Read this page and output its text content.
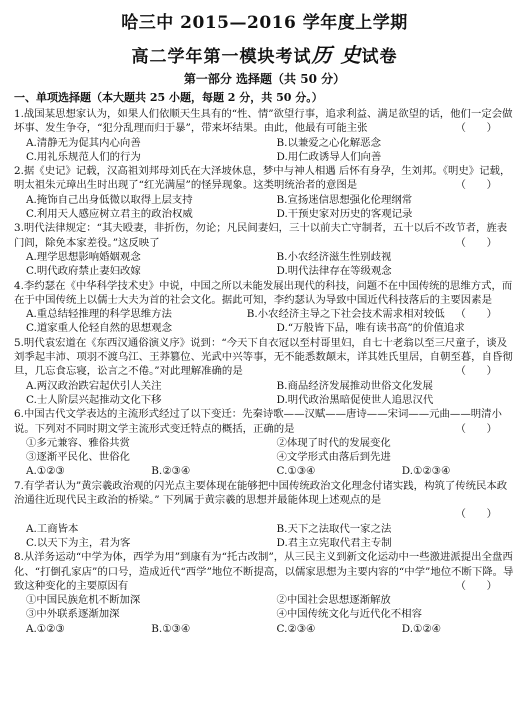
哈三中 2015—2016 学年度上学期
高二学年第一模块考试历 史试卷
第一部分 选择题（共 50 分）
一、单项选择题（本大题共 25 小题，每题 2 分，共 50 分。）
1.战国某思想家认为，如果人们依顺天生具有的“性、情”欲望行事，追求利益、满足欲望的话，他们一定会做坏事、发生争夺，“犯分乱理而归于暴”，带来坏结果。由此，他最有可能主张	（　　）
A.清静无为促其内心向善	B.以兼爱之心化解恶念
C.用礼乐规范人们的行为	D.用仁政诱导人们向善
2.据《史记》记载，汉高祖刘邦母刘氏在大泽坡休息，梦中与神人相遇 后怀有身孕，生刘邦。《明史》记载，明太祖朱元璋出生时出现了“红光满屋”的怪异现象。这类明统治者的意图是	（　　）
A.掩饰自己出身低微以取得上层支持	B.宣扬迷信思想强化伦理纲常
C.利用天人感应树立君主的政治权威	D.干预史家对历史的客观记录
3.明代法律规定：“其夫殴妻，非折伤，勿论；凡民间妻妇，三十以前夫亡守制者，五十以后不改节者，旌表门闾，除免本家差役。”这反映了	（　　）
A.理学思想影响婚姻观念	B.小农经济滋生性别歧视
C.明代政府禁止妻妇改嫁	D.明代法律存在等级观念
4.李约瑟在《中华科学技术史》中说，中国之所以未能发展出现代的科技，问题不在中国传统的思维方式，而在于中国传统上以儒士大夫为首的社会文化。据此可知，李约瑟认为导致中国近代科技落后的主要因素是
（　　）
A.重总结轻推理的科学思维方法	B.小农经济主导之下社会技术需求相对较低
C.道家重人伦轻自然的思想观念	D.“万般皆下品，唯有读书高”的价值追求
5.明代袁宏道在《东西汉通俗演义序》说到：“今天下自衣冠以至村哥里妇，自七十老翁以至三尺童子，谈及刘季起丰沛、项羽不渡乌江、王莽篡位、光武中兴等事，无不能悉数颠末，详其姓氏里居，自朝至暮，自昏彻旦，几忘食忘寝，讼言之不倦。”对此理解准确的是	（　　）
A.两汉政治跌宕起伏引人关注	B.商品经济发展推动世俗文化发展
C.士人阶层兴起推动文化下移	D.明代政治黑暗促使世人追思汉代
6.中国古代文学表达的主流形式经过了以下变迁：先秦诗歌——汉赋——唐诗——宋词——元曲——明清小说。下列对不同时期文学主流形式变迁特点的概括，正确的是	（　　）
①多元兼容、雅俗共赏	②体现了时代的发展变化
③逐渐平民化、世俗化	④文学形式由落后到先进
A.①②③	B.②③④	C.①③④	D.①②③④
7.有学者认为”黄宗羲政治观的闪光点主要体现在能够把中国传统政治文化理念付诸实践，构筑了传统民本政治通往近现代民主政治的桥梁。” 下列属于黄宗羲的思想并最能体现上述观点的是
（　　）
A.工商皆本	B.天下之法取代一家之法
C.以天下为主，君为客	D.君主立宪取代君主专制
8.从洋务运动“中学为体，西学为用”到康有为“托古改制”，从三民主义到新文化运动中一些激进派提出全盘西化、“打倒孔家店”的口号，造成近代“西学”地位不断提高，以儒家思想为主要内容的“中学”地位不断下降。导致这种变化的主要原因有	（　　）
①中国民族危机不断加深	②中国社会思想逐渐解放
③中外联系逐渐加深	④中国传统文化与近代化不相容
A.①②③	B.①③④	C.②③④	D.①②④
